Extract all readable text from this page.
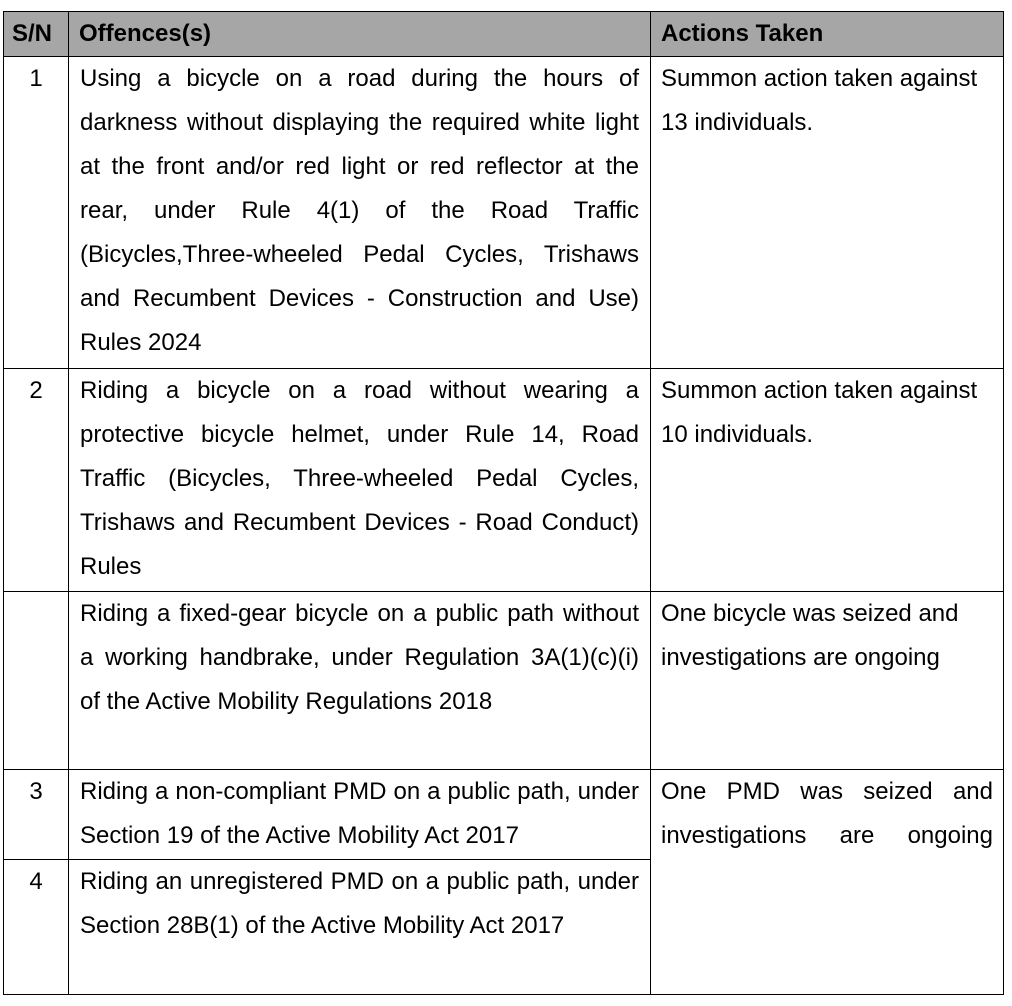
S/N	Offences(s)	Actions Taken
1	Using a bicycle on a road during the hours of darkness without displaying the required white light at the front and/or red light or red reflector at the rear, under Rule 4(1) of the Road Traffic (Bicycles,Three-wheeled Pedal Cycles, Trishaws and Recumbent Devices - Construction and Use) Rules 2024	Summon action taken against 13 individuals.
2	Riding a bicycle on a road without wearing a protective bicycle helmet, under Rule 14, Road Traffic (Bicycles, Three-wheeled Pedal Cycles, Trishaws and Recumbent Devices - Road Conduct) Rules	Summon action taken against 10 individuals.
	Riding a fixed-gear bicycle on a public path without a working handbrake, under Regulation 3A(1)(c)(i) of the Active Mobility Regulations 2018	One bicycle was seized and investigations are ongoing
3	Riding a non-compliant PMD on a public path, under Section 19 of the Active Mobility Act 2017	One PMD was seized and investigations are ongoing
4	Riding an unregistered PMD on a public path, under Section 28B(1) of the Active Mobility Act 2017	
